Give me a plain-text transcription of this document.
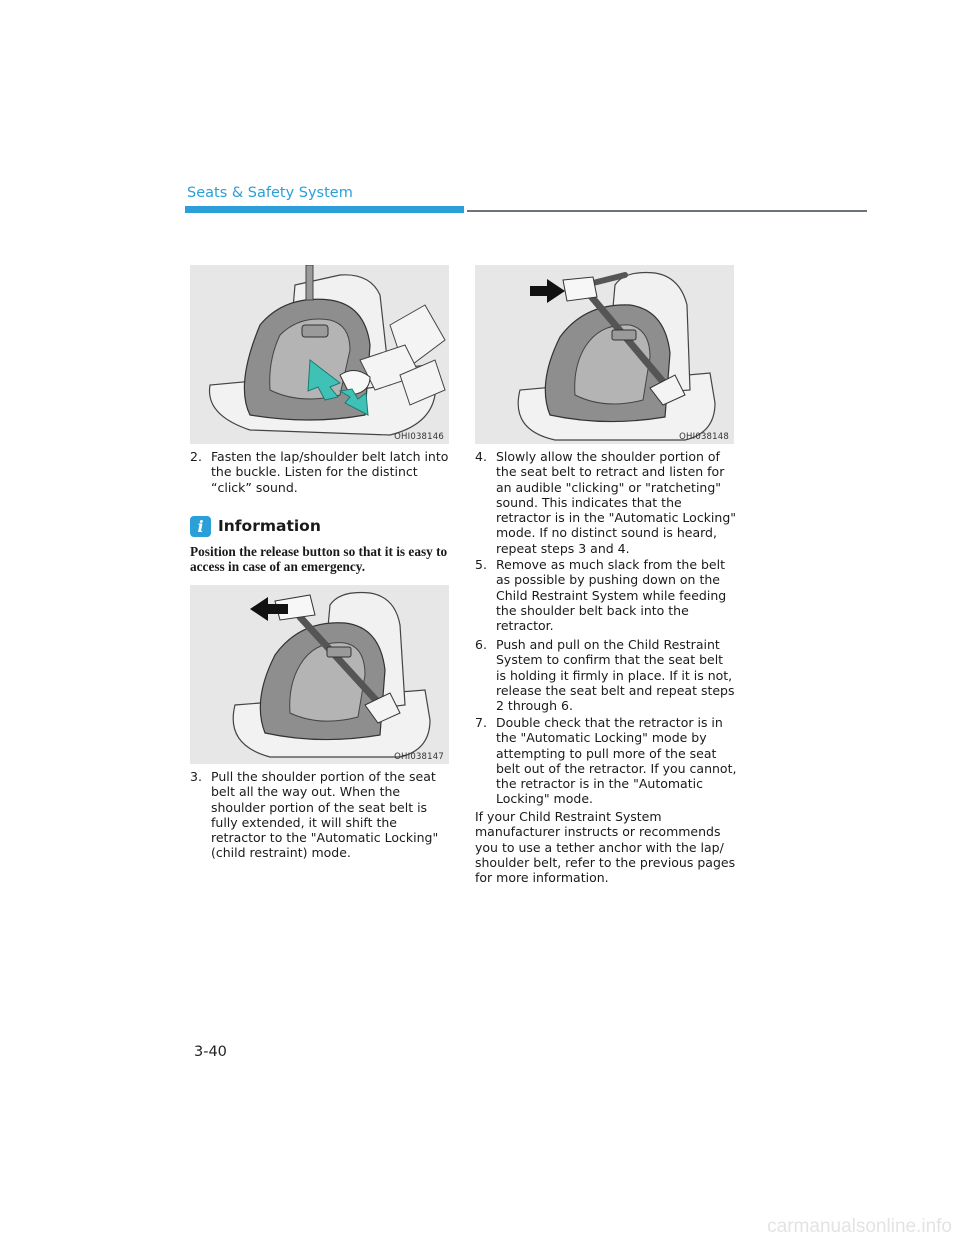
Seats & Safety System
OHI038146
2. Fasten the lap/shoulder belt latch into the buckle. Listen for the distinct “click” sound.
i Information
Position the release button so that it is easy to access in case of an emergency.
OHI038147
3. Pull the shoulder portion of the seat belt all the way out. When the shoulder portion of the seat belt is fully extended, it will shift the retractor to the "Automatic Locking" (child restraint) mode.
OHI038148
4. Slowly allow the shoulder portion of the seat belt to retract and listen for an audible "clicking" or "ratcheting" sound. This indicates that the retractor is in the "Automatic Locking" mode. If no distinct sound is heard, repeat steps 3 and 4.
5. Remove as much slack from the belt as possible by pushing down on the Child Restraint System while feeding the shoulder belt back into the retractor.
6. Push and pull on the Child Restraint System to confirm that the seat belt is holding it firmly in place. If it is not, release the seat belt and repeat steps 2 through 6.
7. Double check that the retractor is in the "Automatic Locking" mode by attempting to pull more of the seat belt out of the retractor. If you cannot, the retractor is in the "Automatic Locking" mode.
If your Child Restraint System manufacturer instructs or recommends you to use a tether anchor with the lap/ shoulder belt, refer to the previous pages for more information.
3-40
carmanualsonline.info
